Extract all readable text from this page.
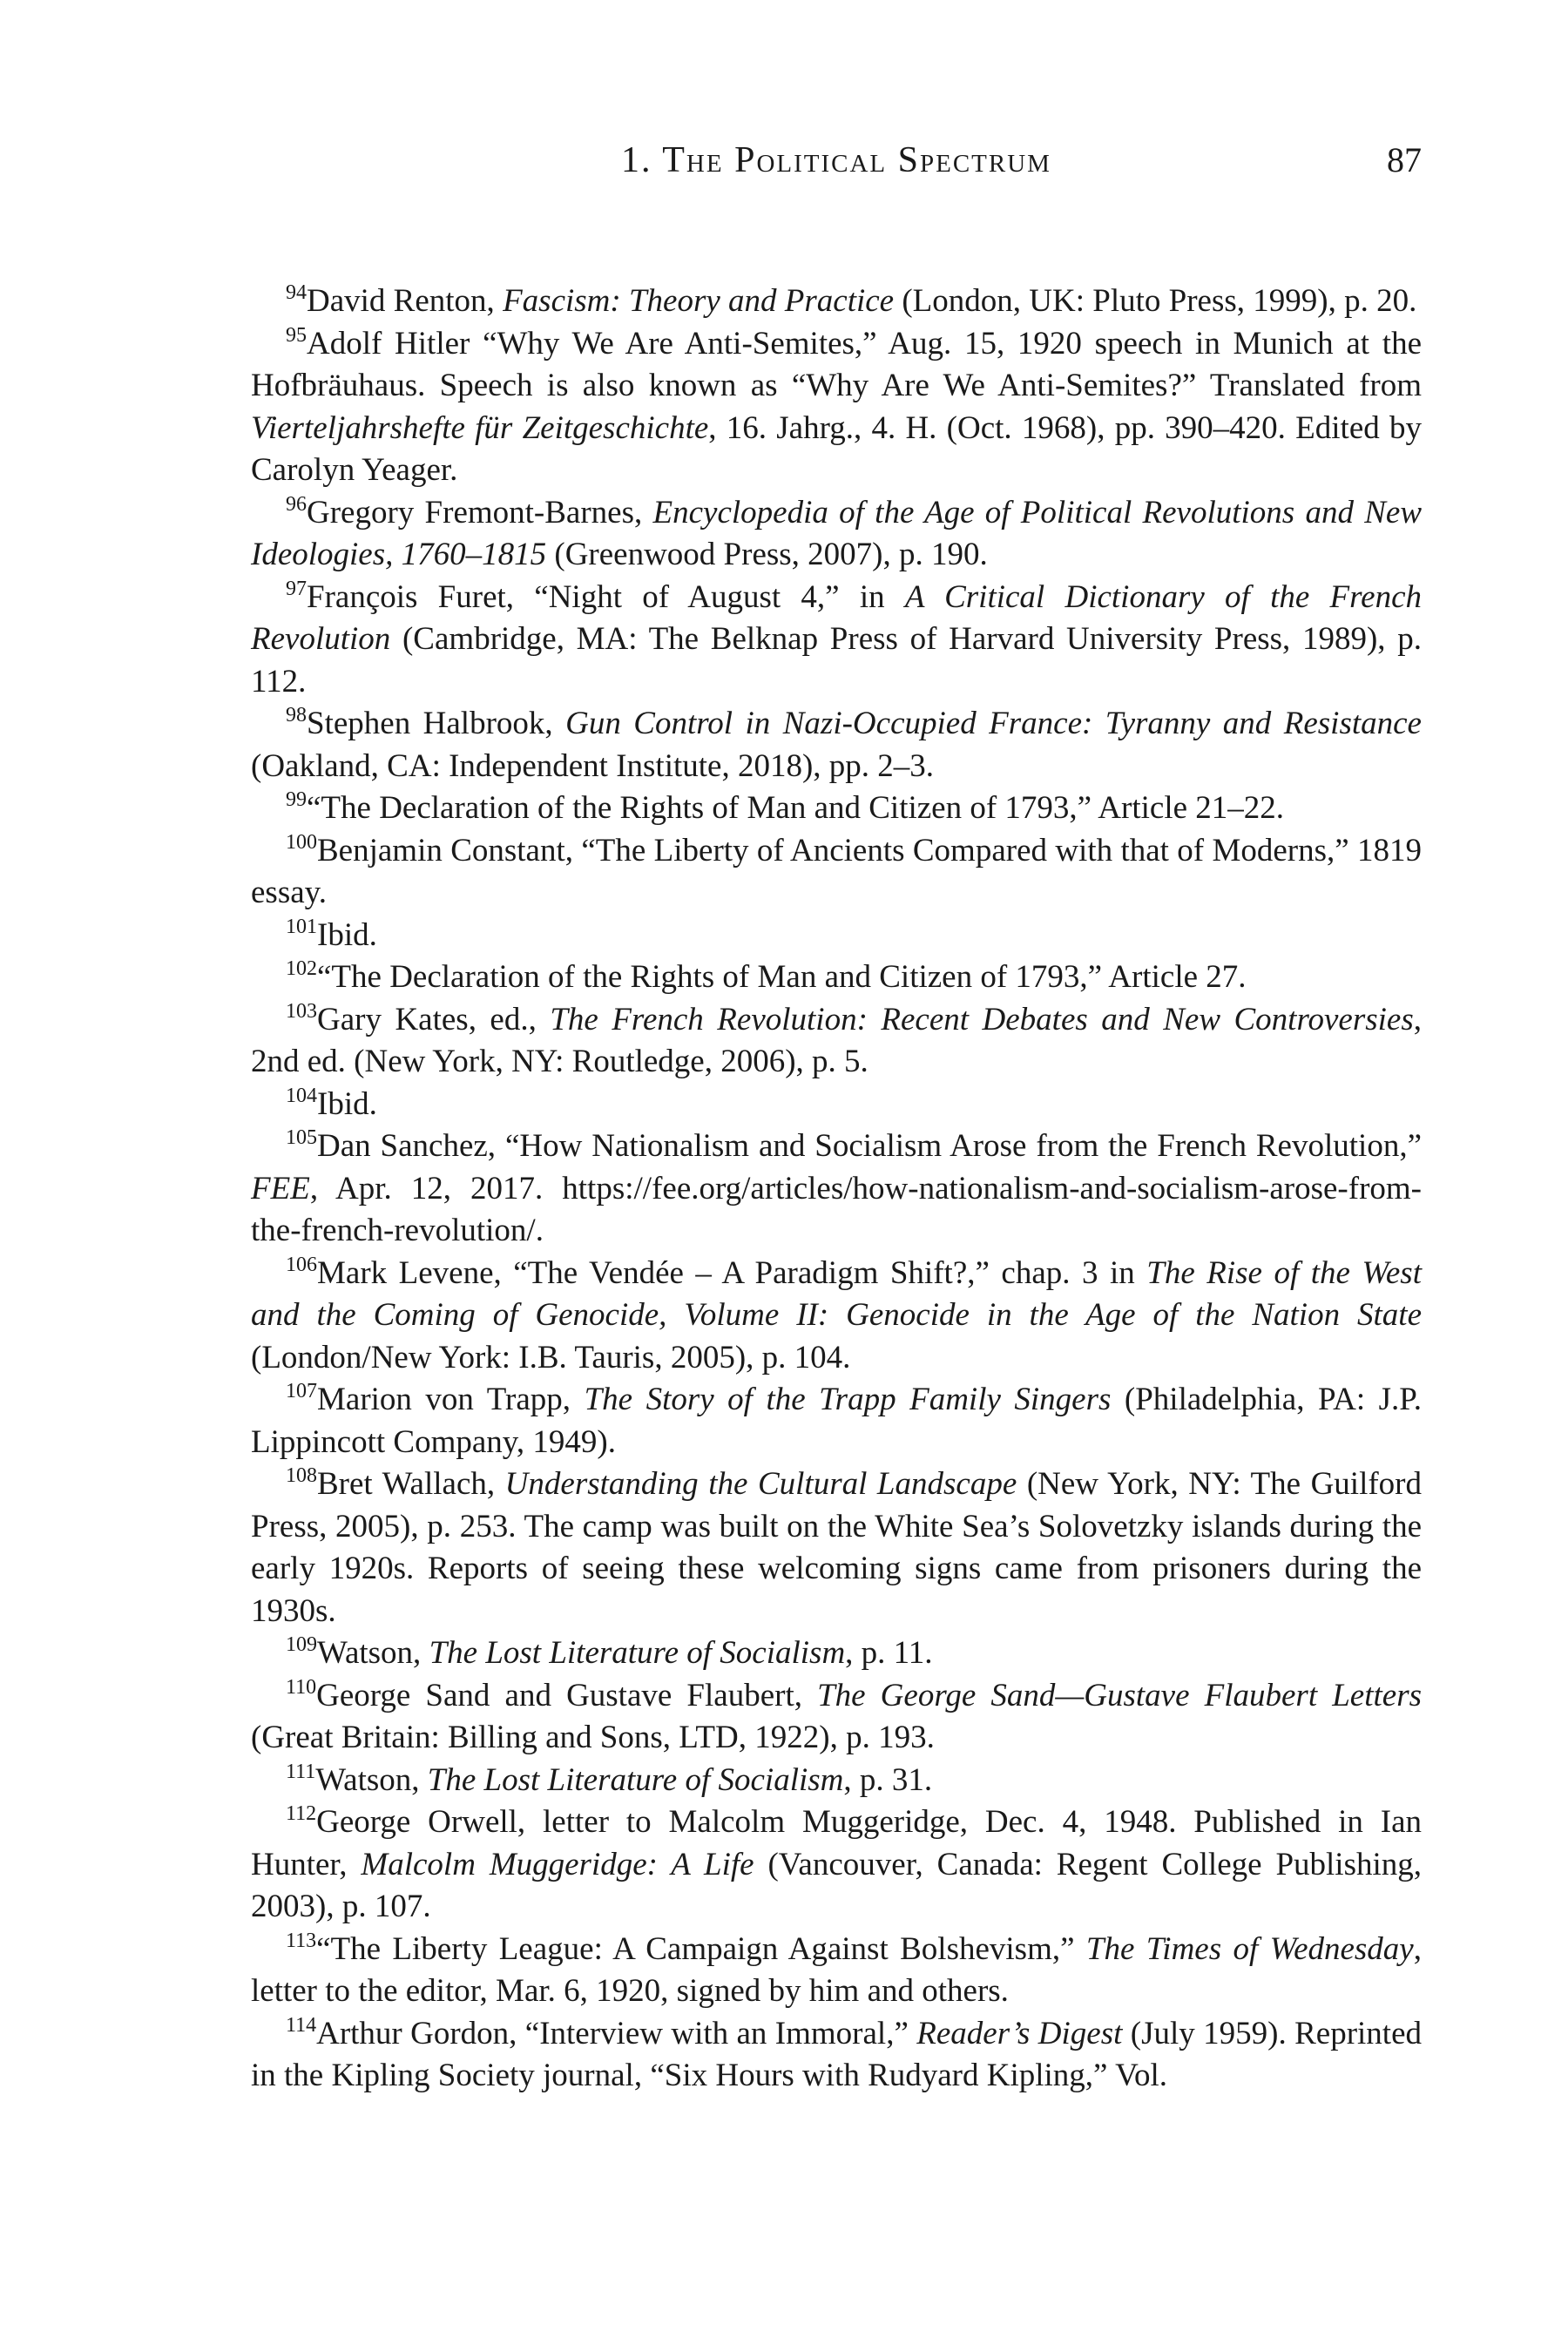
1. The Political Spectrum	87

$^{94}$David Renton, Fascism: Theory and Practice (London, UK: Pluto Press, 1999), p. 20.

$^{95}$Adolf Hitler “Why We Are Anti-Semites,” Aug. 15, 1920 speech in Munich at the Hofbräuhaus. Speech is also known as “Why Are We Anti-Semites?” Translated from Vierteljahrshefte für Zeitgeschichte, 16. Jahrg., 4. H. (Oct. 1968), pp. 390–420. Edited by Carolyn Yeager.

$^{96}$Gregory Fremont-Barnes, Encyclopedia of the Age of Political Revolutions and New Ideologies, 1760–1815 (Greenwood Press, 2007), p. 190.

$^{97}$François Furet, “Night of August 4,” in A Critical Dictionary of the French Revolution (Cambridge, MA: The Belknap Press of Harvard University Press, 1989), p. 112.

$^{98}$Stephen Halbrook, Gun Control in Nazi-Occupied France: Tyranny and Resistance (Oakland, CA: Independent Institute, 2018), pp. 2–3.

$^{99}$“The Declaration of the Rights of Man and Citizen of 1793,” Article 21–22.

$^{100}$Benjamin Constant, “The Liberty of Ancients Compared with that of Moderns,” 1819 essay.

$^{101}$Ibid.

$^{102}$“The Declaration of the Rights of Man and Citizen of 1793,” Article 27.

$^{103}$Gary Kates, ed., The French Revolution: Recent Debates and New Controversies, 2nd ed. (New York, NY: Routledge, 2006), p. 5.

$^{104}$Ibid.

$^{105}$Dan Sanchez, “How Nationalism and Socialism Arose from the French Revolution,” FEE, Apr. 12, 2017. https://fee.org/articles/how-nationalism-and-socialism-arose-from-the-french-revolution/.

$^{106}$Mark Levene, “The Vendée – A Paradigm Shift?,” chap. 3 in The Rise of the West and the Coming of Genocide, Volume II: Genocide in the Age of the Nation State (London/New York: I.B. Tauris, 2005), p. 104.

$^{107}$Marion von Trapp, The Story of the Trapp Family Singers (Philadelphia, PA: J.P. Lippincott Company, 1949).

$^{108}$Bret Wallach, Understanding the Cultural Landscape (New York, NY: The Guilford Press, 2005), p. 253. The camp was built on the White Sea’s Solovetzky islands during the early 1920s. Reports of seeing these welcoming signs came from prisoners during the 1930s.

$^{109}$Watson, The Lost Literature of Socialism, p. 11.

$^{110}$George Sand and Gustave Flaubert, The George Sand—Gustave Flaubert Letters (Great Britain: Billing and Sons, LTD, 1922), p. 193.

$^{111}$Watson, The Lost Literature of Socialism, p. 31.

$^{112}$George Orwell, letter to Malcolm Muggeridge, Dec. 4, 1948. Published in Ian Hunter, Malcolm Muggeridge: A Life (Vancouver, Canada: Regent College Publishing, 2003), p. 107.

$^{113}$“The Liberty League: A Campaign Against Bolshevism,” The Times of Wednesday, letter to the editor, Mar. 6, 1920, signed by him and others.

$^{114}$Arthur Gordon, “Interview with an Immoral,” Reader’s Digest (July 1959). Reprinted in the Kipling Society journal, “Six Hours with Rudyard Kipling,” Vol.
